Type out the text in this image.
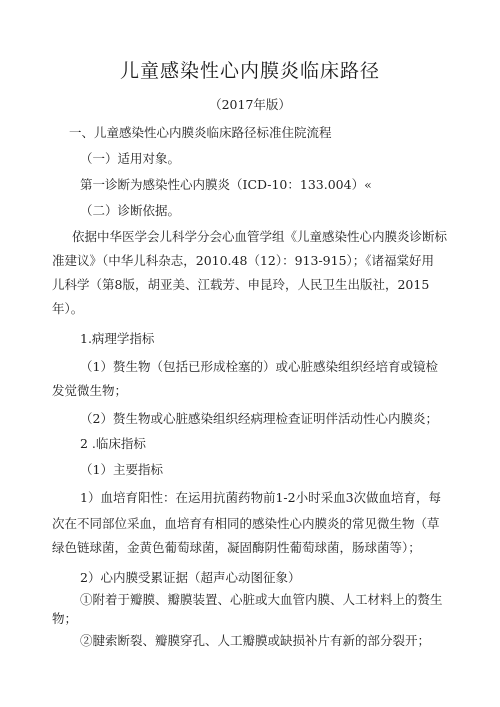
儿童感染性心内膜炎临床路径
（2017年版）
一、儿童感染性心内膜炎临床路径标准住院流程
（一）适用对象。
第一诊断为感染性心内膜炎（ICD-10：133.004）«
（二）诊断依据。
依据中华医学会儿科学分会心血管学组《儿童感染性心内膜炎诊断标
准建议》（中华儿科杂志，2010.48（12）：913-915）；《诸福棠好用
儿科学（第8版，胡亚美、江载芳、申昆玲，人民卫生出版社，2015
年）。
1.病理学指标
（1）赘生物（包括已形成栓塞的）或心脏感染组织经培育或镜检
发觉微生物；
（2）赘生物或心脏感染组织经病理检查证明伴活动性心内膜炎；
2 .临床指标
（1）主要指标
1）血培育阳性：在运用抗菌药物前1-2小时采血3次做血培育，每
次在不同部位采血，血培育有相同的感染性心内膜炎的常见微生物（草
绿色链球菌，金黄色葡萄球菌，凝固酶阴性葡萄球菌，肠球菌等）；
2）心内膜受累证据（超声心动图征象）
①附着于瓣膜、瓣膜装置、心脏或大血管内膜、人工材料上的赘生
物；
②腱索断裂、瓣膜穿孔、人工瓣膜或缺损补片有新的部分裂开；
